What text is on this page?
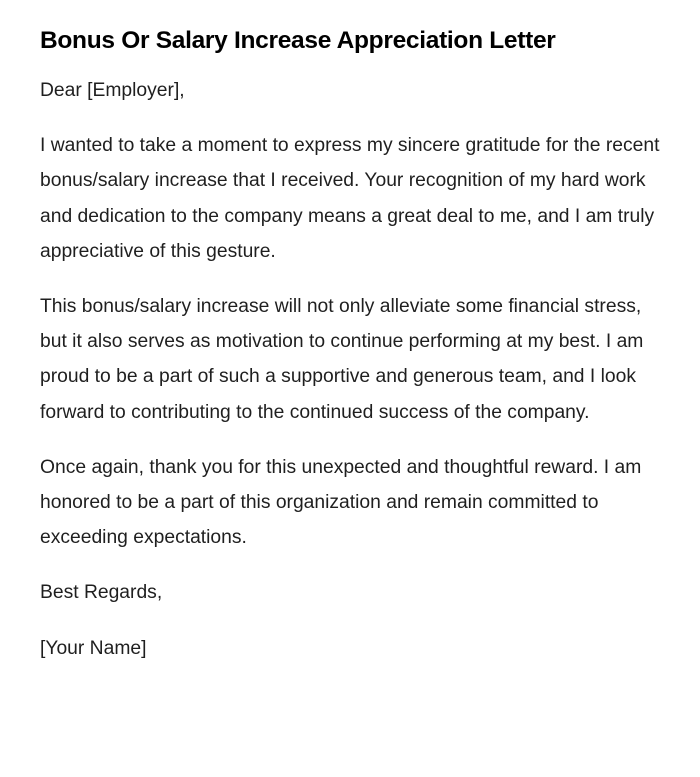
Bonus Or Salary Increase Appreciation Letter

Dear [Employer],

I wanted to take a moment to express my sincere gratitude for the recent bonus/salary increase that I received. Your recognition of my hard work and dedication to the company means a great deal to me, and I am truly appreciative of this gesture.

This bonus/salary increase will not only alleviate some financial stress, but it also serves as motivation to continue performing at my best. I am proud to be a part of such a supportive and generous team, and I look forward to contributing to the continued success of the company.

Once again, thank you for this unexpected and thoughtful reward. I am honored to be a part of this organization and remain committed to exceeding expectations.

Best Regards,

[Your Name]
